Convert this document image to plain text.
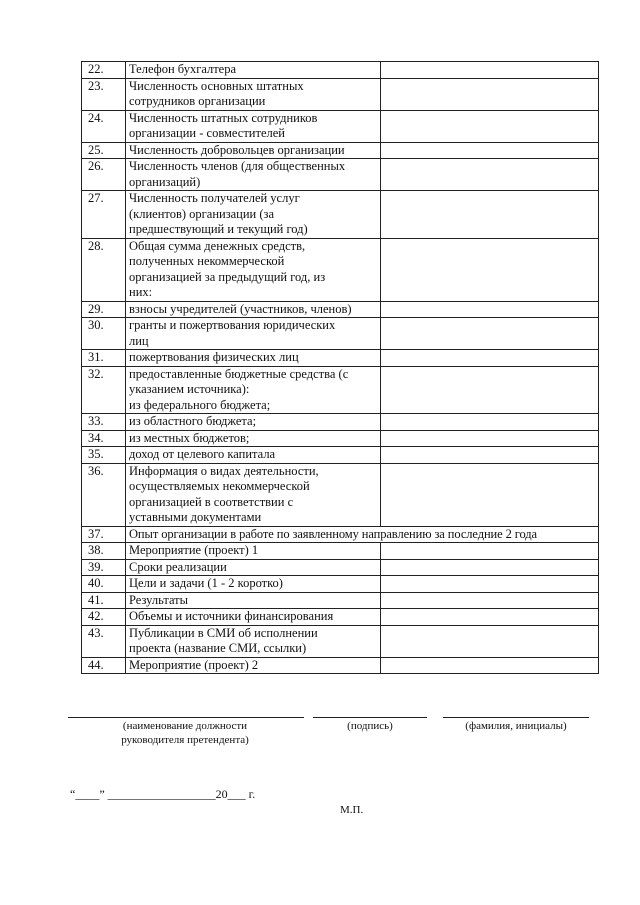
22.	Телефон бухгалтера	
23.	Численность основных штатных
сотрудников организации	
24.	Численность штатных сотрудников
организации - совместителей	
25.	Численность добровольцев организации	
26.	Численность членов (для общественных
организаций)	
27.	Численность получателей услуг
(клиентов) организации (за
предшествующий и текущий год)	
28.	Общая сумма денежных средств,
полученных некоммерческой
организацией за предыдущий год, из
них:	
29.	взносы учредителей (участников, членов)	
30.	гранты и пожертвования юридических
лиц	
31.	пожертвования физических лиц	
32.	предоставленные бюджетные средства (с
указанием источника):
из федерального бюджета;	
33.	из областного бюджета;	
34.	из местных бюджетов;	
35.	доход от целевого капитала	
36.	Информация о видах деятельности,
осуществляемых некоммерческой
организацией в соответствии с
уставными документами	
37.	Опыт организации в работе по заявленному направлению за последние 2 года	
38.	Мероприятие (проект) 1	
39.	Сроки реализации	
40.	Цели и задачи (1 - 2 коротко)	
41.	Результаты	
42.	Объемы и источники финансирования	
43.	Публикации в СМИ об исполнении
проекта (название СМИ, ссылки)	
44.	Мероприятие (проект) 2	
(наименование должности
руководителя претендента)
(подпись)	(фамилия, инициалы)
“____” __________________20___ г.
М.П.
